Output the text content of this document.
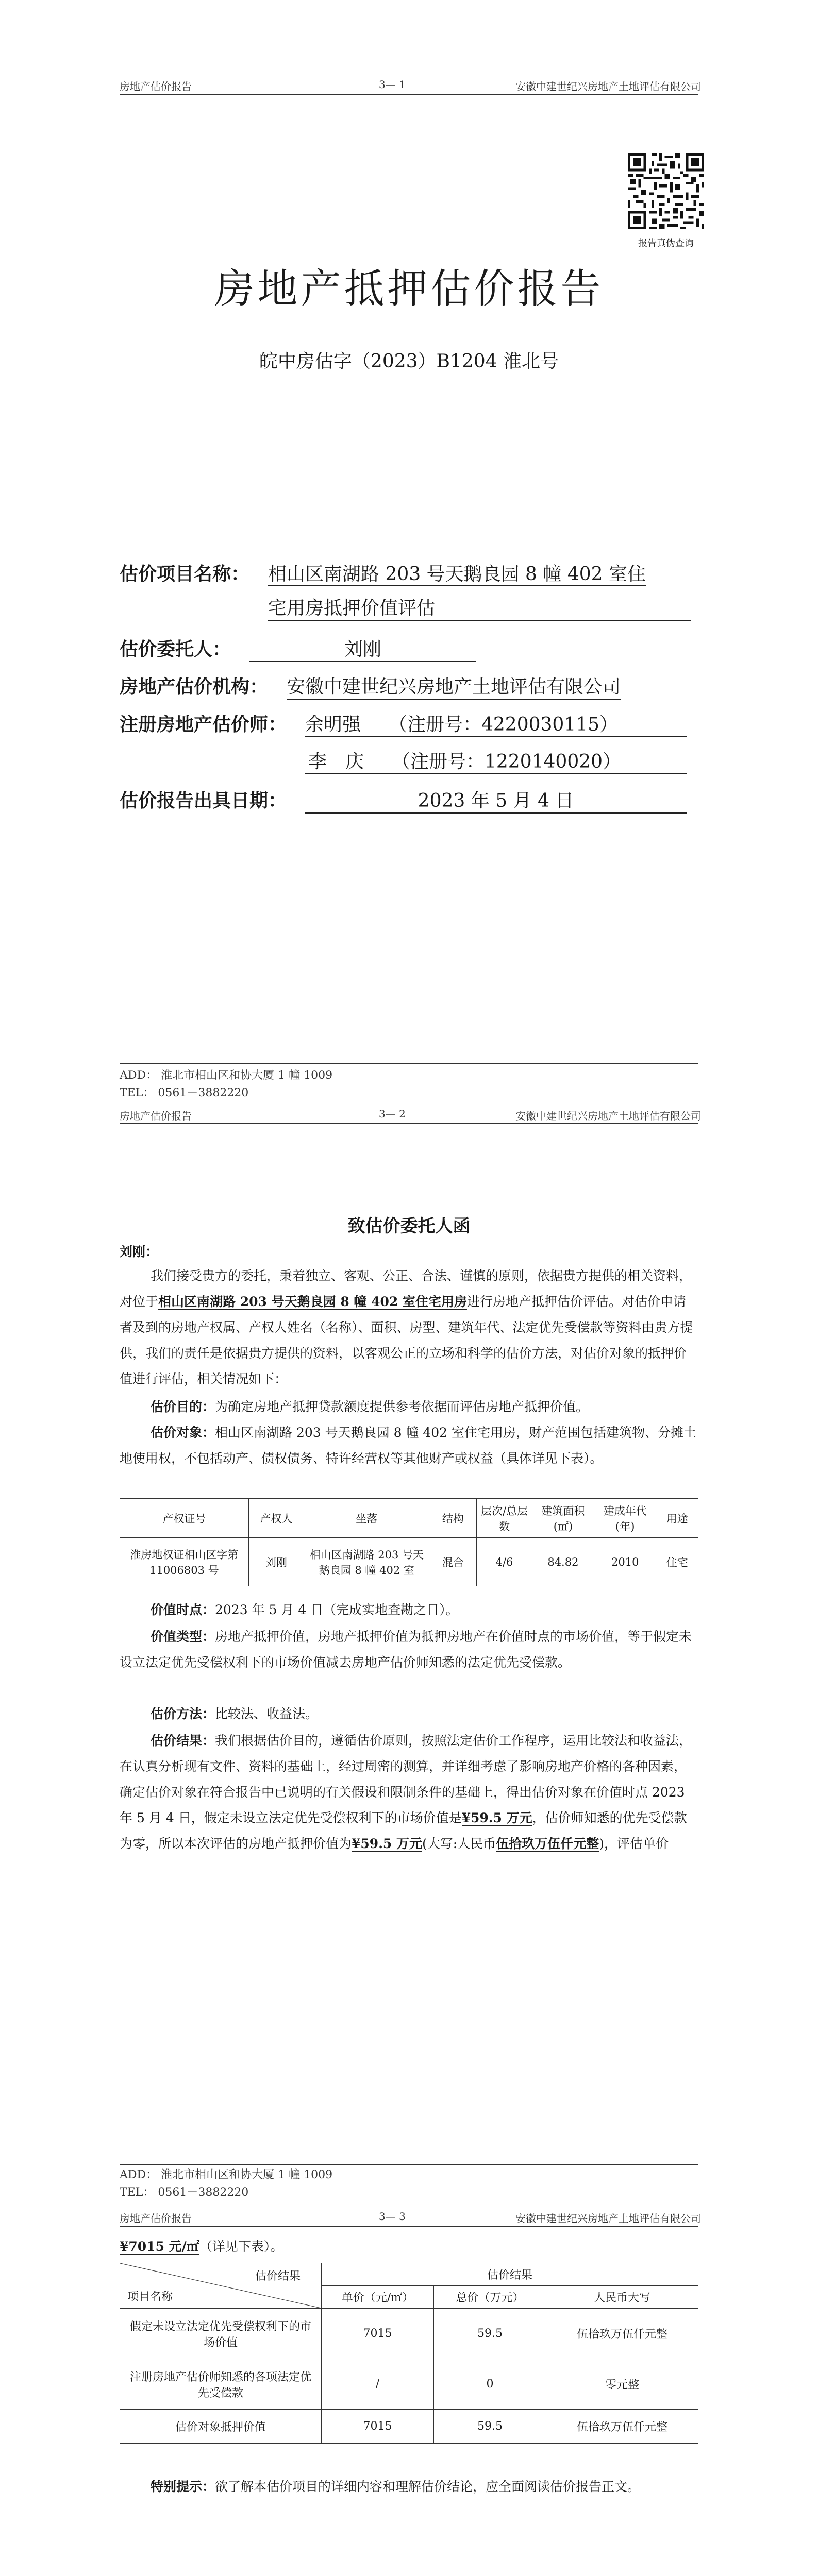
房地产估价报告	3— 1	安徽中建世纪兴房地产土地评估有限公司
报告真伪查询
房地产抵押估价报告
皖中房估字（2023）B1204 淮北号
估价项目名称： 相山区南湖路 203 号天鹅良园 8 幢 402 室住
宅用房抵押价值评估
估价委托人：	刘刚
房地产估价机构： 安徽中建世纪兴房地产土地评估有限公司
注册房地产估价师： 余明强　　（注册号：4220030115）
李　庆　　（注册号：1220140020）
估价报告出具日期：	2023 年 5 月 4 日
ADD： 淮北市相山区和协大厦 1 幢 1009
TEL： 0561－3882220
房地产估价报告	3— 2	安徽中建世纪兴房地产土地评估有限公司
致估价委托人函
刘刚：

我们接受贵方的委托，秉着独立、客观、公正、合法、谨慎的原则，依据贵方提供的相关资料，对位于相山区南湖路 203 号天鹅良园 8 幢 402 室住宅用房进行房地产抵押估价评估。对估价申请者及到的房地产权属、产权人姓名（名称）、面积、房型、建筑年代、法定优先受偿款等资料由贵方提供，我们的责任是依据贵方提供的资料，以客观公正的立场和科学的估价方法，对估价对象的抵押价值进行评估，相关情况如下：

估价目的：为确定房地产抵押贷款额度提供参考依据而评估房地产抵押价值。

估价对象：相山区南湖路 203 号天鹅良园 8 幢 402 室住宅用房，财产范围包括建筑物、分摊土地使用权，不包括动产、债权债务、特许经营权等其他财产或权益（具体详见下表）。

产权证号	产权人	坐落	结构	层次/总层数	建筑面积(㎡)	建成年代(年)	用途
淮房地权证相山区字第 11006803 号	刘刚	相山区南湖路 203 号天鹅良园 8 幢 402 室	混合	4/6	84.82	2010	住宅

价值时点：2023 年 5 月 4 日（完成实地查勘之日）。

价值类型：房地产抵押价值，房地产抵押价值为抵押房地产在价值时点的市场价值，等于假定未设立法定优先受偿权利下的市场价值减去房地产估价师知悉的法定优先受偿款。

估价方法：比较法、收益法。

估价结果：我们根据估价目的，遵循估价原则，按照法定估价工作程序，运用比较法和收益法，在认真分析现有文件、资料的基础上，经过周密的测算，并详细考虑了影响房地产价格的各种因素，确定估价对象在符合报告中已说明的有关假设和限制条件的基础上，得出估价对象在价值时点 2023 年 5 月 4 日，假定未设立法定优先受偿权利下的市场价值是¥59.5 万元，估价师知悉的优先受偿款为零，所以本次评估的房地产抵押价值为¥59.5 万元(大写:人民币伍拾玖万伍仟元整)，评估单价

ADD： 淮北市相山区和协大厦 1 幢 1009
TEL： 0561－3882220
房地产估价报告	3— 3	安徽中建世纪兴房地产土地评估有限公司
¥7015 元/㎡（详见下表）。
估价结果
项目名称	估价结果		
	单价（元/㎡）	总价（万元）	人民币大写
假定未设立法定优先受偿权利下的市场价值	7015	59.5	伍拾玖万伍仟元整
注册房地产估价师知悉的各项法定优先受偿款	/	0	零元整
估价对象抵押价值	7015	59.5	伍拾玖万伍仟元整

特别提示：欲了解本估价项目的详细内容和理解估价结论，应全面阅读估价报告正文。
